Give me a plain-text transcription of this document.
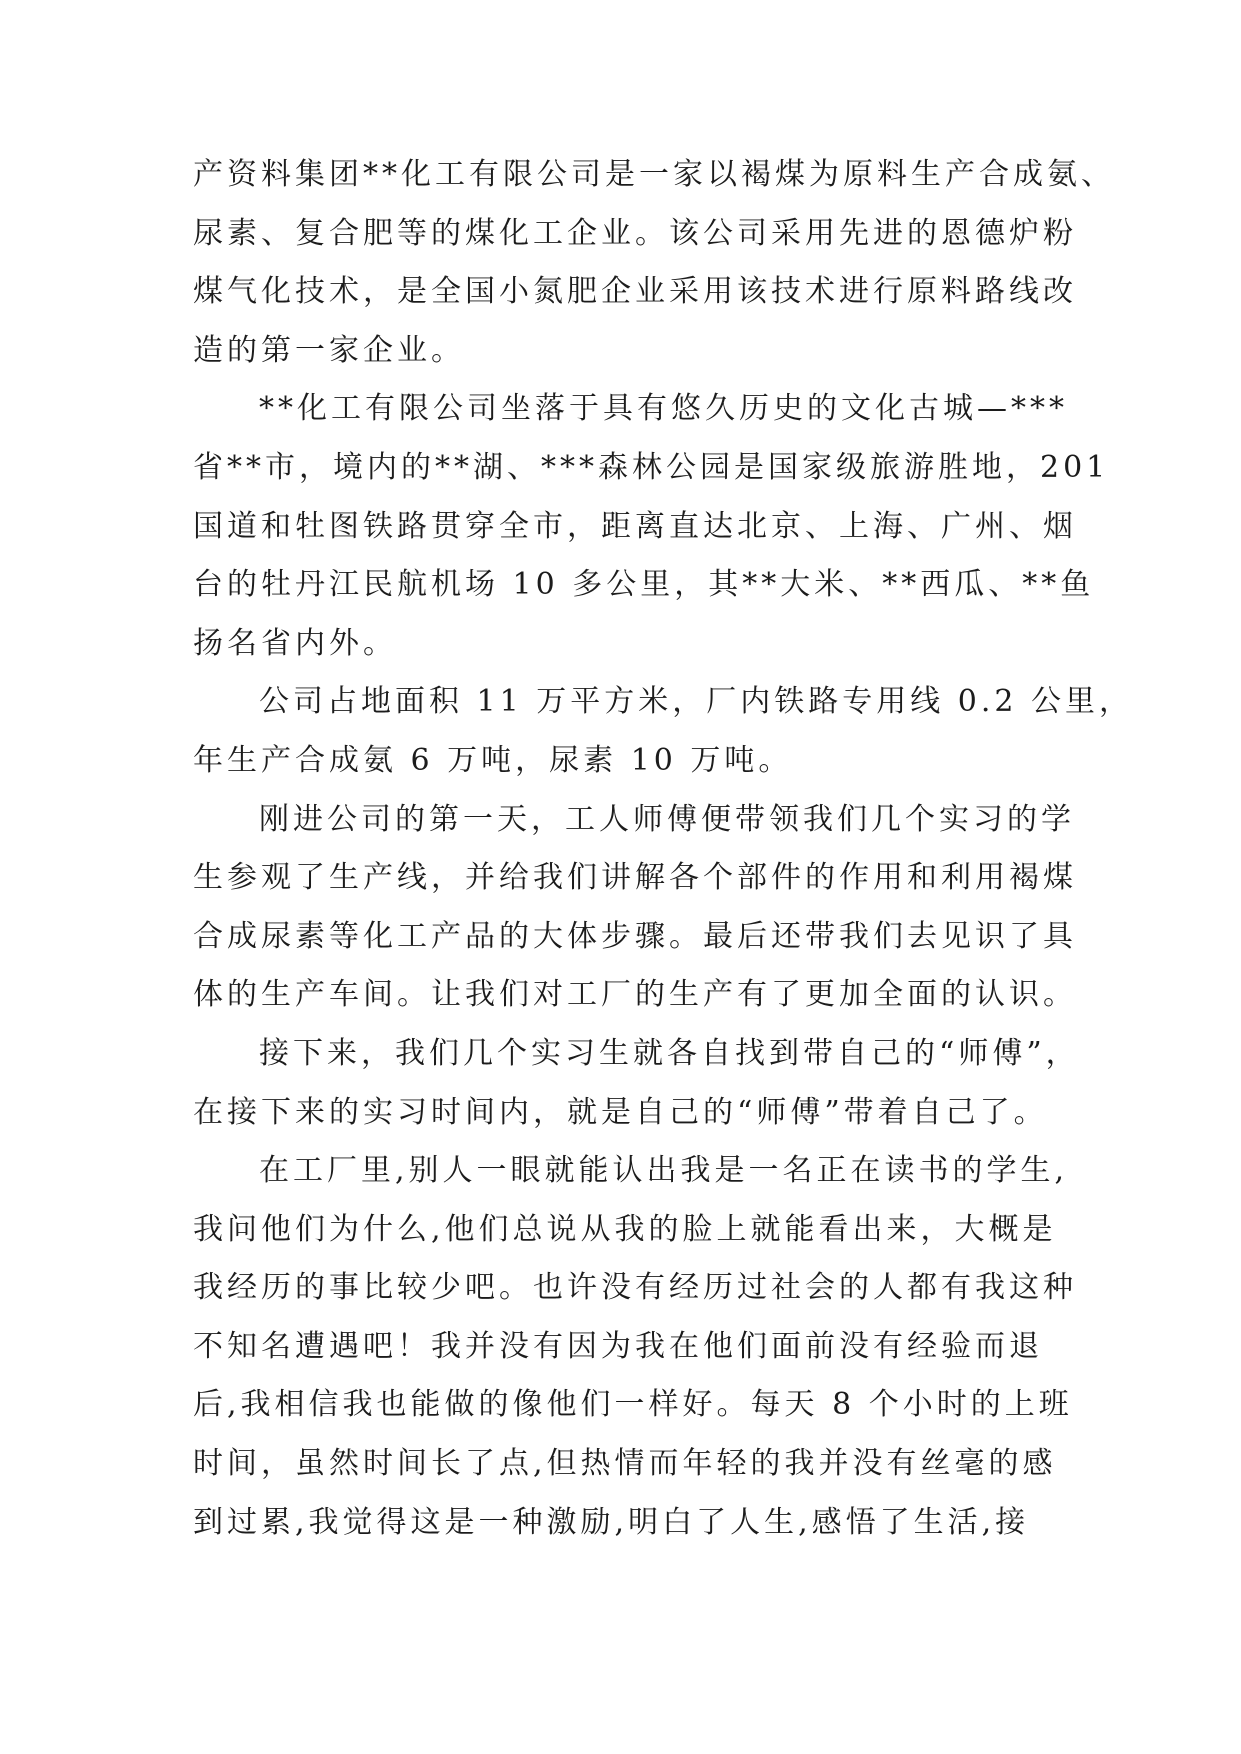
产资料集团**化工有限公司是一家以褐煤为原料生产合成氨、
尿素、复合肥等的煤化工企业。该公司采用先进的恩德炉粉
煤气化技术，是全国小氮肥企业采用该技术进行原料路线改
造的第一家企业。
**化工有限公司坐落于具有悠久历史的文化古城—***
省**市，境内的**湖、***森林公园是国家级旅游胜地，201
国道和牡图铁路贯穿全市，距离直达北京、上海、广州、烟
台的牡丹江民航机场 10 多公里，其**大米、**西瓜、**鱼
扬名省内外。
公司占地面积 11 万平方米，厂内铁路专用线 0.2 公里，
年生产合成氨 6 万吨，尿素 10 万吨。
刚进公司的第一天，工人师傅便带领我们几个实习的学
生参观了生产线，并给我们讲解各个部件的作用和利用褐煤
合成尿素等化工产品的大体步骤。最后还带我们去见识了具
体的生产车间。让我们对工厂的生产有了更加全面的认识。
接下来，我们几个实习生就各自找到带自己的“师傅”，
在接下来的实习时间内，就是自己的“师傅”带着自己了。
在工厂里,别人一眼就能认出我是一名正在读书的学生,
我问他们为什么,他们总说从我的脸上就能看出来，大概是
我经历的事比较少吧。也许没有经历过社会的人都有我这种
不知名遭遇吧！我并没有因为我在他们面前没有经验而退
后,我相信我也能做的像他们一样好。每天 8 个小时的上班
时间，虽然时间长了点,但热情而年轻的我并没有丝毫的感
到过累,我觉得这是一种激励,明白了人生,感悟了生活,接
